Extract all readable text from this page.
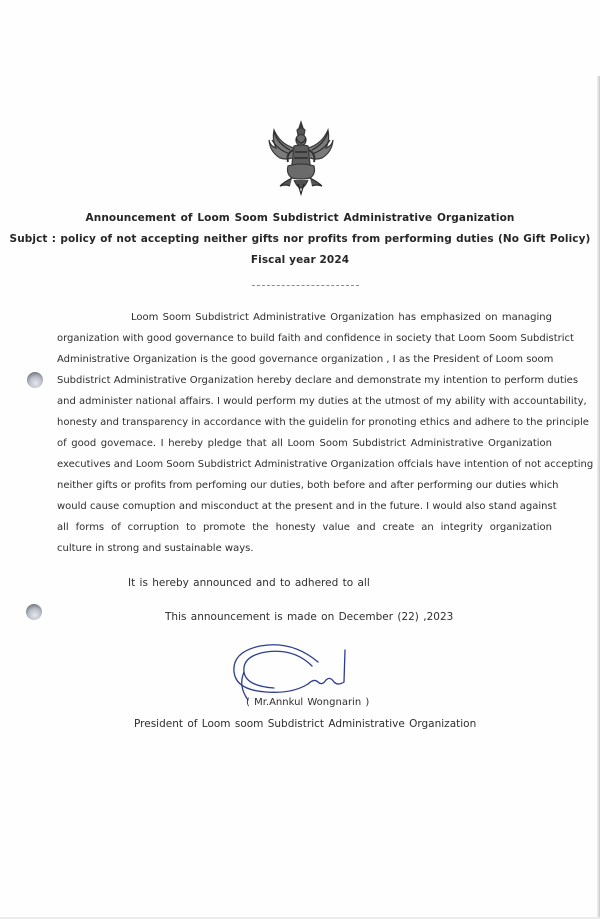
Announcement of Loom Soom Subdistrict Administrative Organization
Subjct : policy of not accepting neither gifts nor profits from performing duties (No Gift Policy)
Fiscal year 2024
Loom Soom Subdistrict Administrative Organization has emphasized on managing
organization with good governance to build faith and confidence in society that Loom Soom Subdistrict
Administrative Organization is the good governance organization , I as the President of Loom soom
Subdistrict Administrative Organization hereby declare and demonstrate my intention to perform duties
and administer national affairs. I would perform my duties at the utmost of my ability with accountability,
honesty and transparency in accordance with the guidelin for pronoting ethics and adhere to the principle
of good govemace. I hereby pledge that all Loom Soom Subdistrict Administrative Organization
executives and Loom Soom Subdistrict Administrative Organization offcials have intention of not accepting
neither gifts or profits from perfoming our duties, both before and after performing our duties which
would cause comuption and misconduct at the present and in the future. I would also stand against
all forms of corruption to promote the honesty value and create an integrity organization
culture in strong and sustainable ways.
It is hereby announced and to adhered to all
This announcement is made on December (22) ,2023
( Mr.Annkul Wongnarin )
President of Loom soom Subdistrict Administrative Organization
